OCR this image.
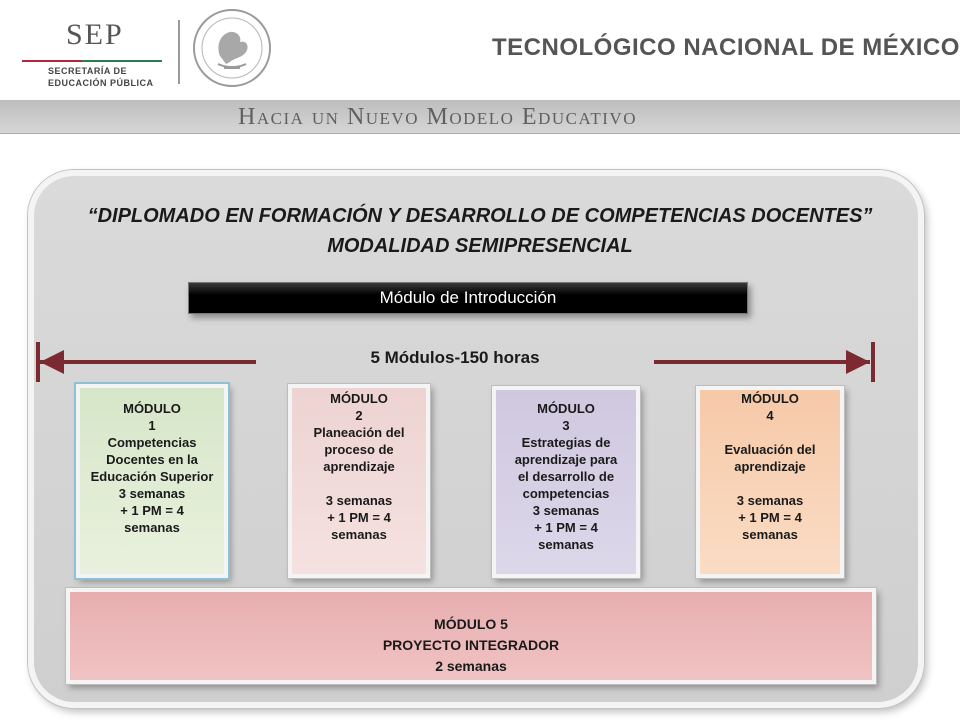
SEP
SECRETARÍA DE
EDUCACIÓN PÚBLICA
TECNOLÓGICO NACIONAL DE MÉXICO
Hacia un Nuevo Modelo Educativo
“DIPLOMADO EN FORMACIÓN Y DESARROLLO DE COMPETENCIAS DOCENTES”
MODALIDAD SEMIPRESENCIAL
Módulo de Introducción
5 Módulos-150 horas
MÓDULO
1
Competencias
Docentes en la
Educación Superior
3 semanas
+ 1 PM = 4
semanas
MÓDULO
2
Planeación del
proceso de
aprendizaje
3 semanas
+ 1 PM = 4
semanas
MÓDULO
3
Estrategias de
aprendizaje para
el desarrollo de
competencias
3 semanas
+ 1 PM = 4
semanas
MÓDULO
4
Evaluación del
aprendizaje
3 semanas
+ 1 PM = 4
semanas
MÓDULO 5
PROYECTO INTEGRADOR
2 semanas
